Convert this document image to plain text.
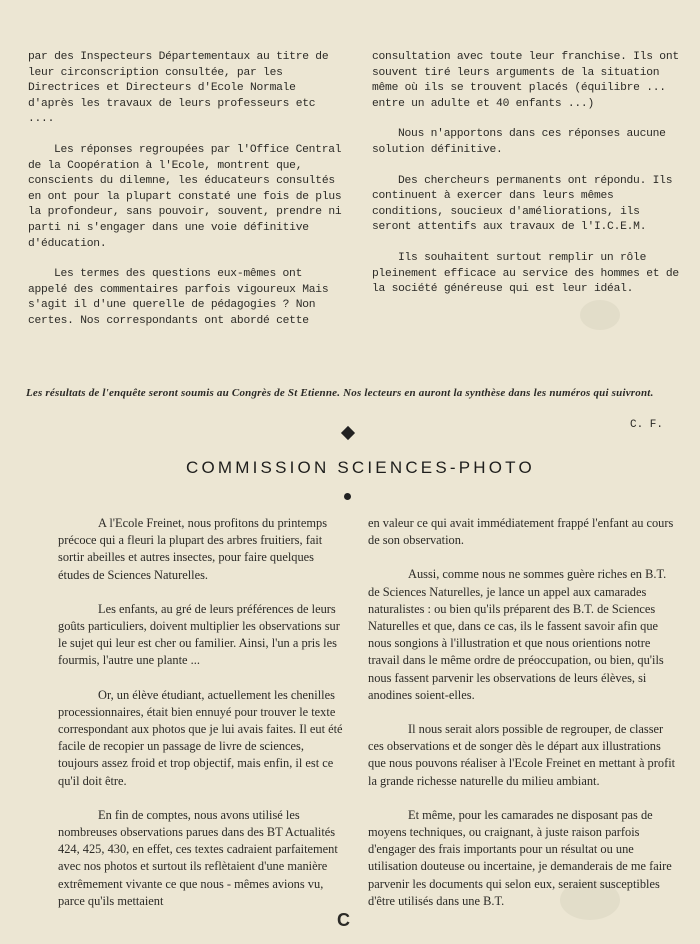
par des Inspecteurs Départementaux au titre de leur circonscription consultée, par les Directrices et Directeurs d'Ecole Normale d'après les travaux de leurs professeurs etc ....

Les réponses regroupées par l'Office Central de la Coopération à l'Ecole, montrent que, conscients du dilemne, les éducateurs consultés en ont pour la plupart constaté une fois de plus la profondeur, sans pouvoir, souvent, prendre ni parti ni s'engager dans une voie définitive d'éducation.

Les termes des questions eux-mêmes ont appelé des commentaires parfois vigoureux Mais s'agit il d'une querelle de pédagogies ? Non certes. Nos correspondants ont abordé cette

consultation avec toute leur franchise. Ils ont souvent tiré leurs arguments de la situation même où ils se trouvent placés (équilibre ... entre un adulte et 40 enfants ...)

Nous n'apportons dans ces réponses aucune solution définitive.

Des chercheurs permanents ont répondu. Ils continuent à exercer dans leurs mêmes conditions, soucieux d'améliorations, ils seront attentifs aux travaux de l'I.C.E.M.

Ils souhaitent surtout remplir un rôle pleinement efficace au service des hommes et de la société généreuse qui est leur idéal.

Les résultats de l'enquête seront soumis au Congrès de St Etienne. Nos lecteurs en auront la synthèse dans les numéros qui suivront.

C. F.
COMMISSION SCIENCES-PHOTO

A l'Ecole Freinet, nous profitons du printemps précoce qui a fleuri la plupart des arbres fruitiers, fait sortir abeilles et autres insectes, pour faire quelques études de Sciences Naturelles.

Les enfants, au gré de leurs préférences de leurs goûts particuliers, doivent multiplier les observations sur le sujet qui leur est cher ou familier. Ainsi, l'un a pris les fourmis, l'autre une plante ...

Or, un élève étudiant, actuellement les chenilles processionnaires, était bien ennuyé pour trouver le texte correspondant aux photos que je lui avais faites. Il eut été facile de recopier un passage de livre de sciences, toujours assez froid et trop objectif, mais enfin, il est ce qu'il doit être.

En fin de comptes, nous avons utilisé les nombreuses observations parues dans des BT Actualités 424, 425, 430, en effet, ces textes cadraient parfaitement avec nos photos et surtout ils reflètaient d'une manière extrêmement vivante ce que nous - mêmes avions vu, parce qu'ils mettaient

en valeur ce qui avait immédiatement frappé l'enfant au cours de son observation.

Aussi, comme nous ne sommes guère riches en B.T. de Sciences Naturelles, je lance un appel aux camarades naturalistes : ou bien qu'ils préparent des B.T. de Sciences Naturelles et que, dans ce cas, ils le fassent savoir afin que nous songions à l'illustration et que nous orientions notre travail dans le même ordre de préoccupation, ou bien, qu'ils nous fassent parvenir les observations de leurs élèves, si anodines soient-elles.

Il nous serait alors possible de regrouper, de classer ces observations et de songer dès le départ aux illustrations que nous pouvons réaliser à l'Ecole Freinet en mettant à profit la grande richesse naturelle du milieu ambiant.

Et même, pour les camarades ne disposant pas de moyens techniques, ou craignant, à juste raison parfois d'engager des frais importants pour un résultat ou une utilisation douteuse ou incertaine, je demanderais de me faire parvenir les documents qui selon eux, seraient susceptibles d'être utilisés dans une B.T.

C
